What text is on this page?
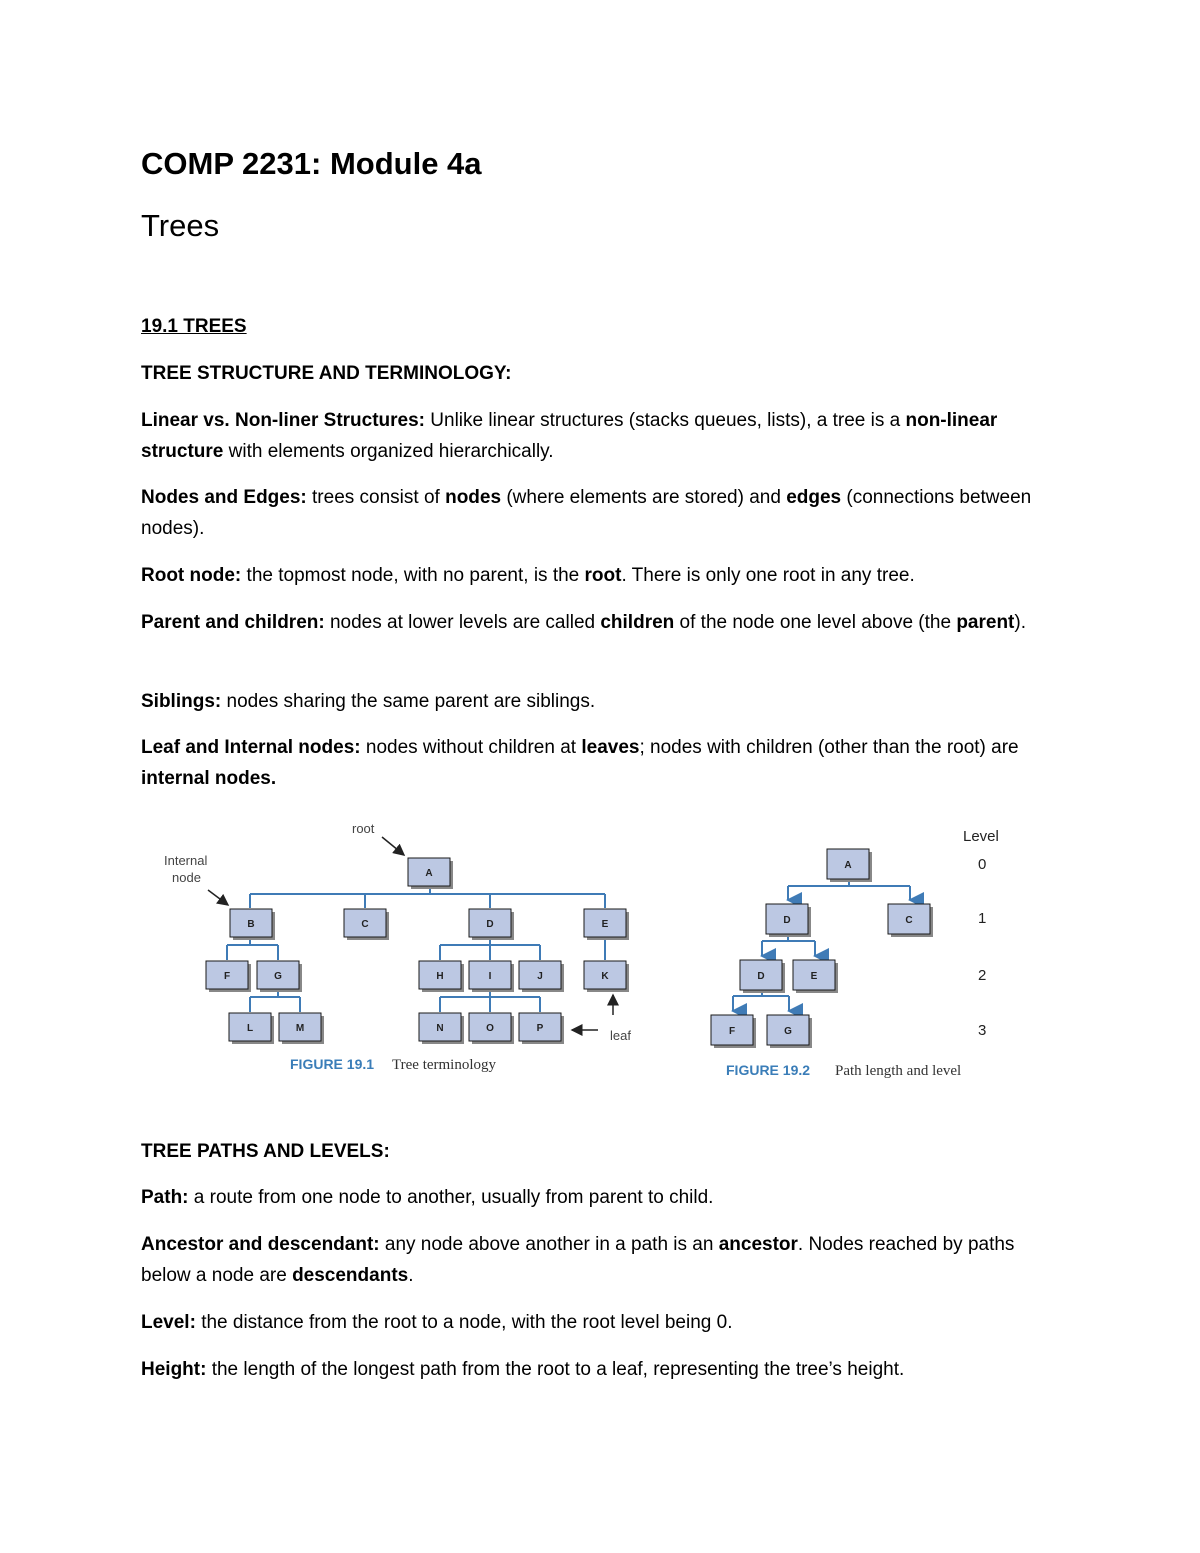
COMP 2231: Module 4a
Trees
19.1 TREES
TREE STRUCTURE AND TERMINOLOGY:

Linear vs. Non-liner Structures: Unlike linear structures (stacks queues, lists), a tree is a non-linear structure with elements organized hierarchically.

Nodes and Edges: trees consist of nodes (where elements are stored) and edges (connections between nodes).

Root node: the topmost node, with no parent, is the root. There is only one root in any tree.

Parent and children: nodes at lower levels are called children of the node one level above (the parent).

Siblings: nodes sharing the same parent are siblings.

Leaf and Internal nodes: nodes without children at leaves; nodes with children (other than the root) are internal nodes.

root
Internal
node
leaf
A
B	C	D	E
F	G	H	I	J	K
L	M	N	O	P
FIGURE 19.1 Tree terminology
Level
0
1
2
3
A
D	C
D	E
F	G
FIGURE 19.2 Path length and level
TREE PATHS AND LEVELS:

Path: a route from one node to another, usually from parent to child.

Ancestor and descendant: any node above another in a path is an ancestor. Nodes reached by paths below a node are descendants.

Level: the distance from the root to a node, with the root level being 0.

Height: the length of the longest path from the root to a leaf, representing the tree’s height.
